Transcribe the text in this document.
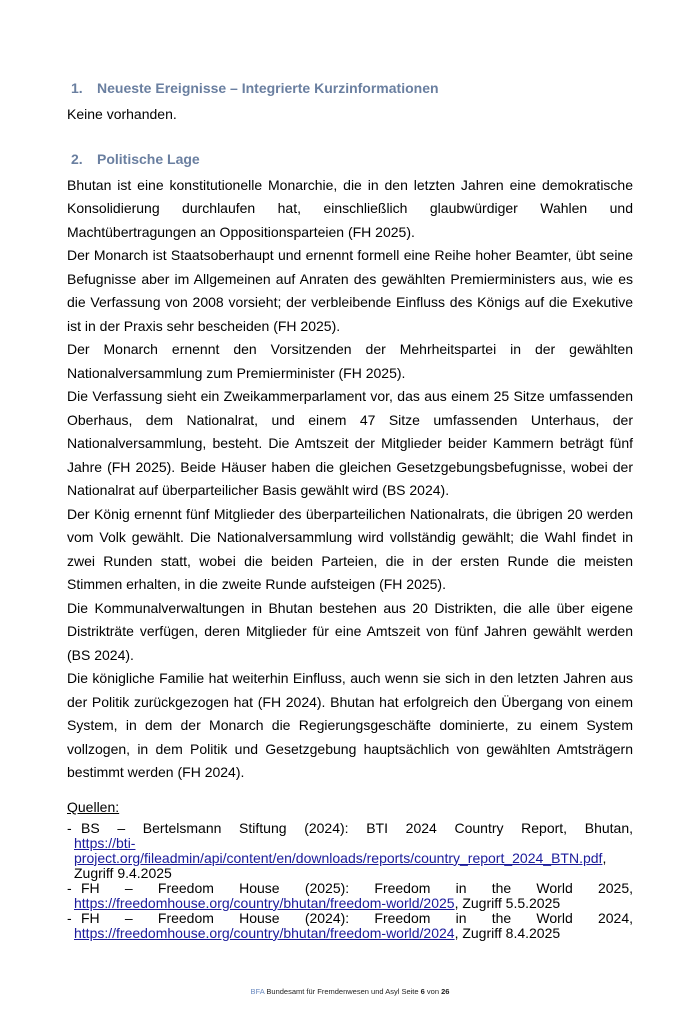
1. Neueste Ereignisse – Integrierte Kurzinformationen
Keine vorhanden.
2. Politische Lage

Bhutan ist eine konstitutionelle Monarchie, die in den letzten Jahren eine demokratische Konsolidierung durchlaufen hat, einschließlich glaubwürdiger Wahlen und Machtübertragungen an Oppositionsparteien (FH 2025).

Der Monarch ist Staatsoberhaupt und ernennt formell eine Reihe hoher Beamter, übt seine Befugnisse aber im Allgemeinen auf Anraten des gewählten Premierministers aus, wie es die Verfassung von 2008 vorsieht; der verbleibende Einfluss des Königs auf die Exekutive ist in der Praxis sehr bescheiden (FH 2025).

Der Monarch ernennt den Vorsitzenden der Mehrheitspartei in der gewählten Nationalversammlung zum Premierminister (FH 2025).

Die Verfassung sieht ein Zweikammerparlament vor, das aus einem 25 Sitze umfassenden Oberhaus, dem Nationalrat, und einem 47 Sitze umfassenden Unterhaus, der Nationalversammlung, besteht. Die Amtszeit der Mitglieder beider Kammern beträgt fünf Jahre (FH 2025). Beide Häuser haben die gleichen Gesetzgebungsbefugnisse, wobei der Nationalrat auf überparteilicher Basis gewählt wird (BS 2024).

Der König ernennt fünf Mitglieder des überparteilichen Nationalrats, die übrigen 20 werden vom Volk gewählt. Die Nationalversammlung wird vollständig gewählt; die Wahl findet in zwei Runden statt, wobei die beiden Parteien, die in der ersten Runde die meisten Stimmen erhalten, in die zweite Runde aufsteigen (FH 2025).

Die Kommunalverwaltungen in Bhutan bestehen aus 20 Distrikten, die alle über eigene Distrikträte verfügen, deren Mitglieder für eine Amtszeit von fünf Jahren gewählt werden (BS 2024).

Die königliche Familie hat weiterhin Einfluss, auch wenn sie sich in den letzten Jahren aus der Politik zurückgezogen hat (FH 2024). Bhutan hat erfolgreich den Übergang von einem System, in dem der Monarch die Regierungsgeschäfte dominierte, zu einem System vollzogen, in dem Politik und Gesetzgebung hauptsächlich von gewählten Amtsträgern bestimmt werden (FH 2024).

Quellen:
- BS – Bertelsmann Stiftung (2024): BTI 2024 Country Report, Bhutan,
https://bti-project.org/fileadmin/api/content/en/downloads/reports/country_report_2024_BTN.pdf, Zugriff 9.4.2025
- FH – Freedom House (2025): Freedom in the World 2025,
https://freedomhouse.org/country/bhutan/freedom-world/2025, Zugriff 5.5.2025
- FH – Freedom House (2024): Freedom in the World 2024,
https://freedomhouse.org/country/bhutan/freedom-world/2024, Zugriff 8.4.2025
BFA Bundesamt für Fremdenwesen und Asyl Seite 6 von 26
